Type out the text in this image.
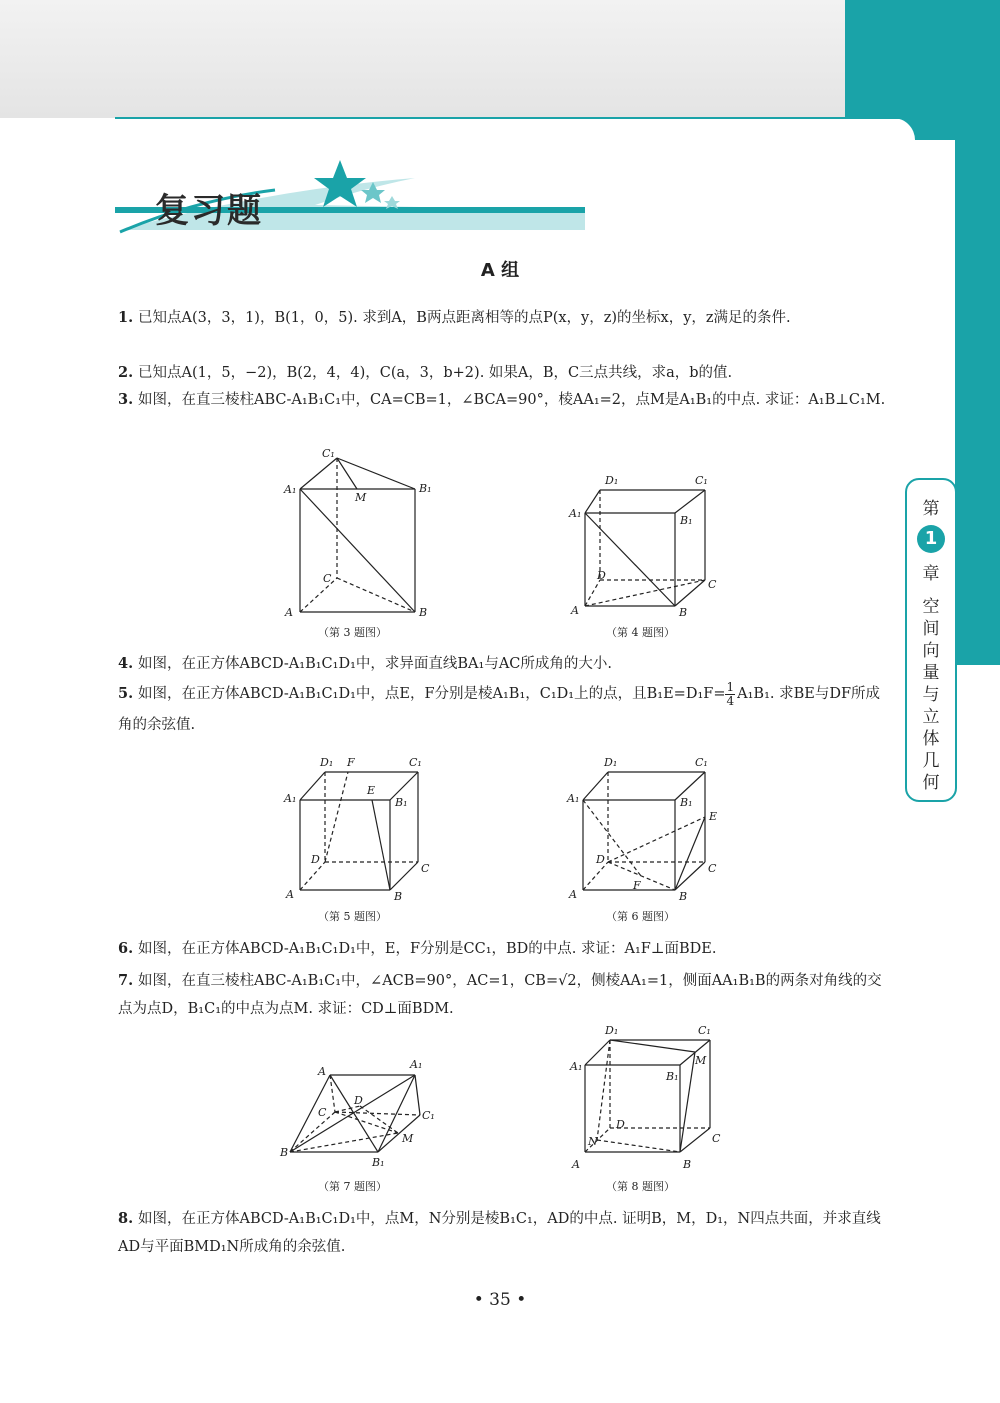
复习题
A 组
1. 已知点A(3，3，1)，B(1，0，5). 求到A，B两点距离相等的点P(x，y，z)的坐标x，y，z满足的条件.
2. 已知点A(1，5，−2)，B(2，4，4)，C(a，3，b+2). 如果A，B，C三点共线，求a，b的值.
3. 如图，在直三棱柱ABC-A₁B₁C₁中，CA=CB=1，∠BCA=90°，棱AA₁=2，点M是A₁B₁的中点. 求证：A₁B⊥C₁M.
4. 如图，在正方体ABCD-A₁B₁C₁D₁中，求异面直线BA₁与AC所成角的大小.
5. 如图，在正方体ABCD-A₁B₁C₁D₁中，点E，F分别是棱A₁B₁，C₁D₁上的点，且$B_1E=D_1F= \frac{1}{4} A_1B_1$. 求BE与DF所成角的余弦值.
6. 如图，在正方体ABCD-A₁B₁C₁D₁中，E，F分别是CC₁，BD的中点. 求证：A₁F⊥面BDE.
7. 如图，在直三棱柱ABC-A₁B₁C₁中，∠ACB=90°，AC=1，CB=√2，侧棱AA₁=1，侧面AA₁B₁B的两条对角线的交点为点D，B₁C₁的中点为点M. 求证：CD⊥面BDM.
8. 如图，在正方体ABCD-A₁B₁C₁D₁中，点M，N分别是棱B₁C₁，AD的中点. 证明B，M，D₁，N四点共面，并求直线AD与平面BMD₁N所成角的余弦值.
A	B
C
A₁	B₁
C₁
M
（第 3 题图）
A	B
C
D
A₁
B₁
C₁
D₁
（第 4 题图）
A	B
C
D
A₁	B₁
C₁
D₁
E
F
（第 5 题图）
A	B
C
D
A₁	B₁
C₁
D₁
E
F
（第 6 题图）
A
A₁
C
D
C₁
M
B
B₁
（第 7 题图）
A	B
C
D
A₁
B₁
C₁
D₁
M
N
（第 8 题图）
第
1
章
空间向量与立体几何
• 35 •
